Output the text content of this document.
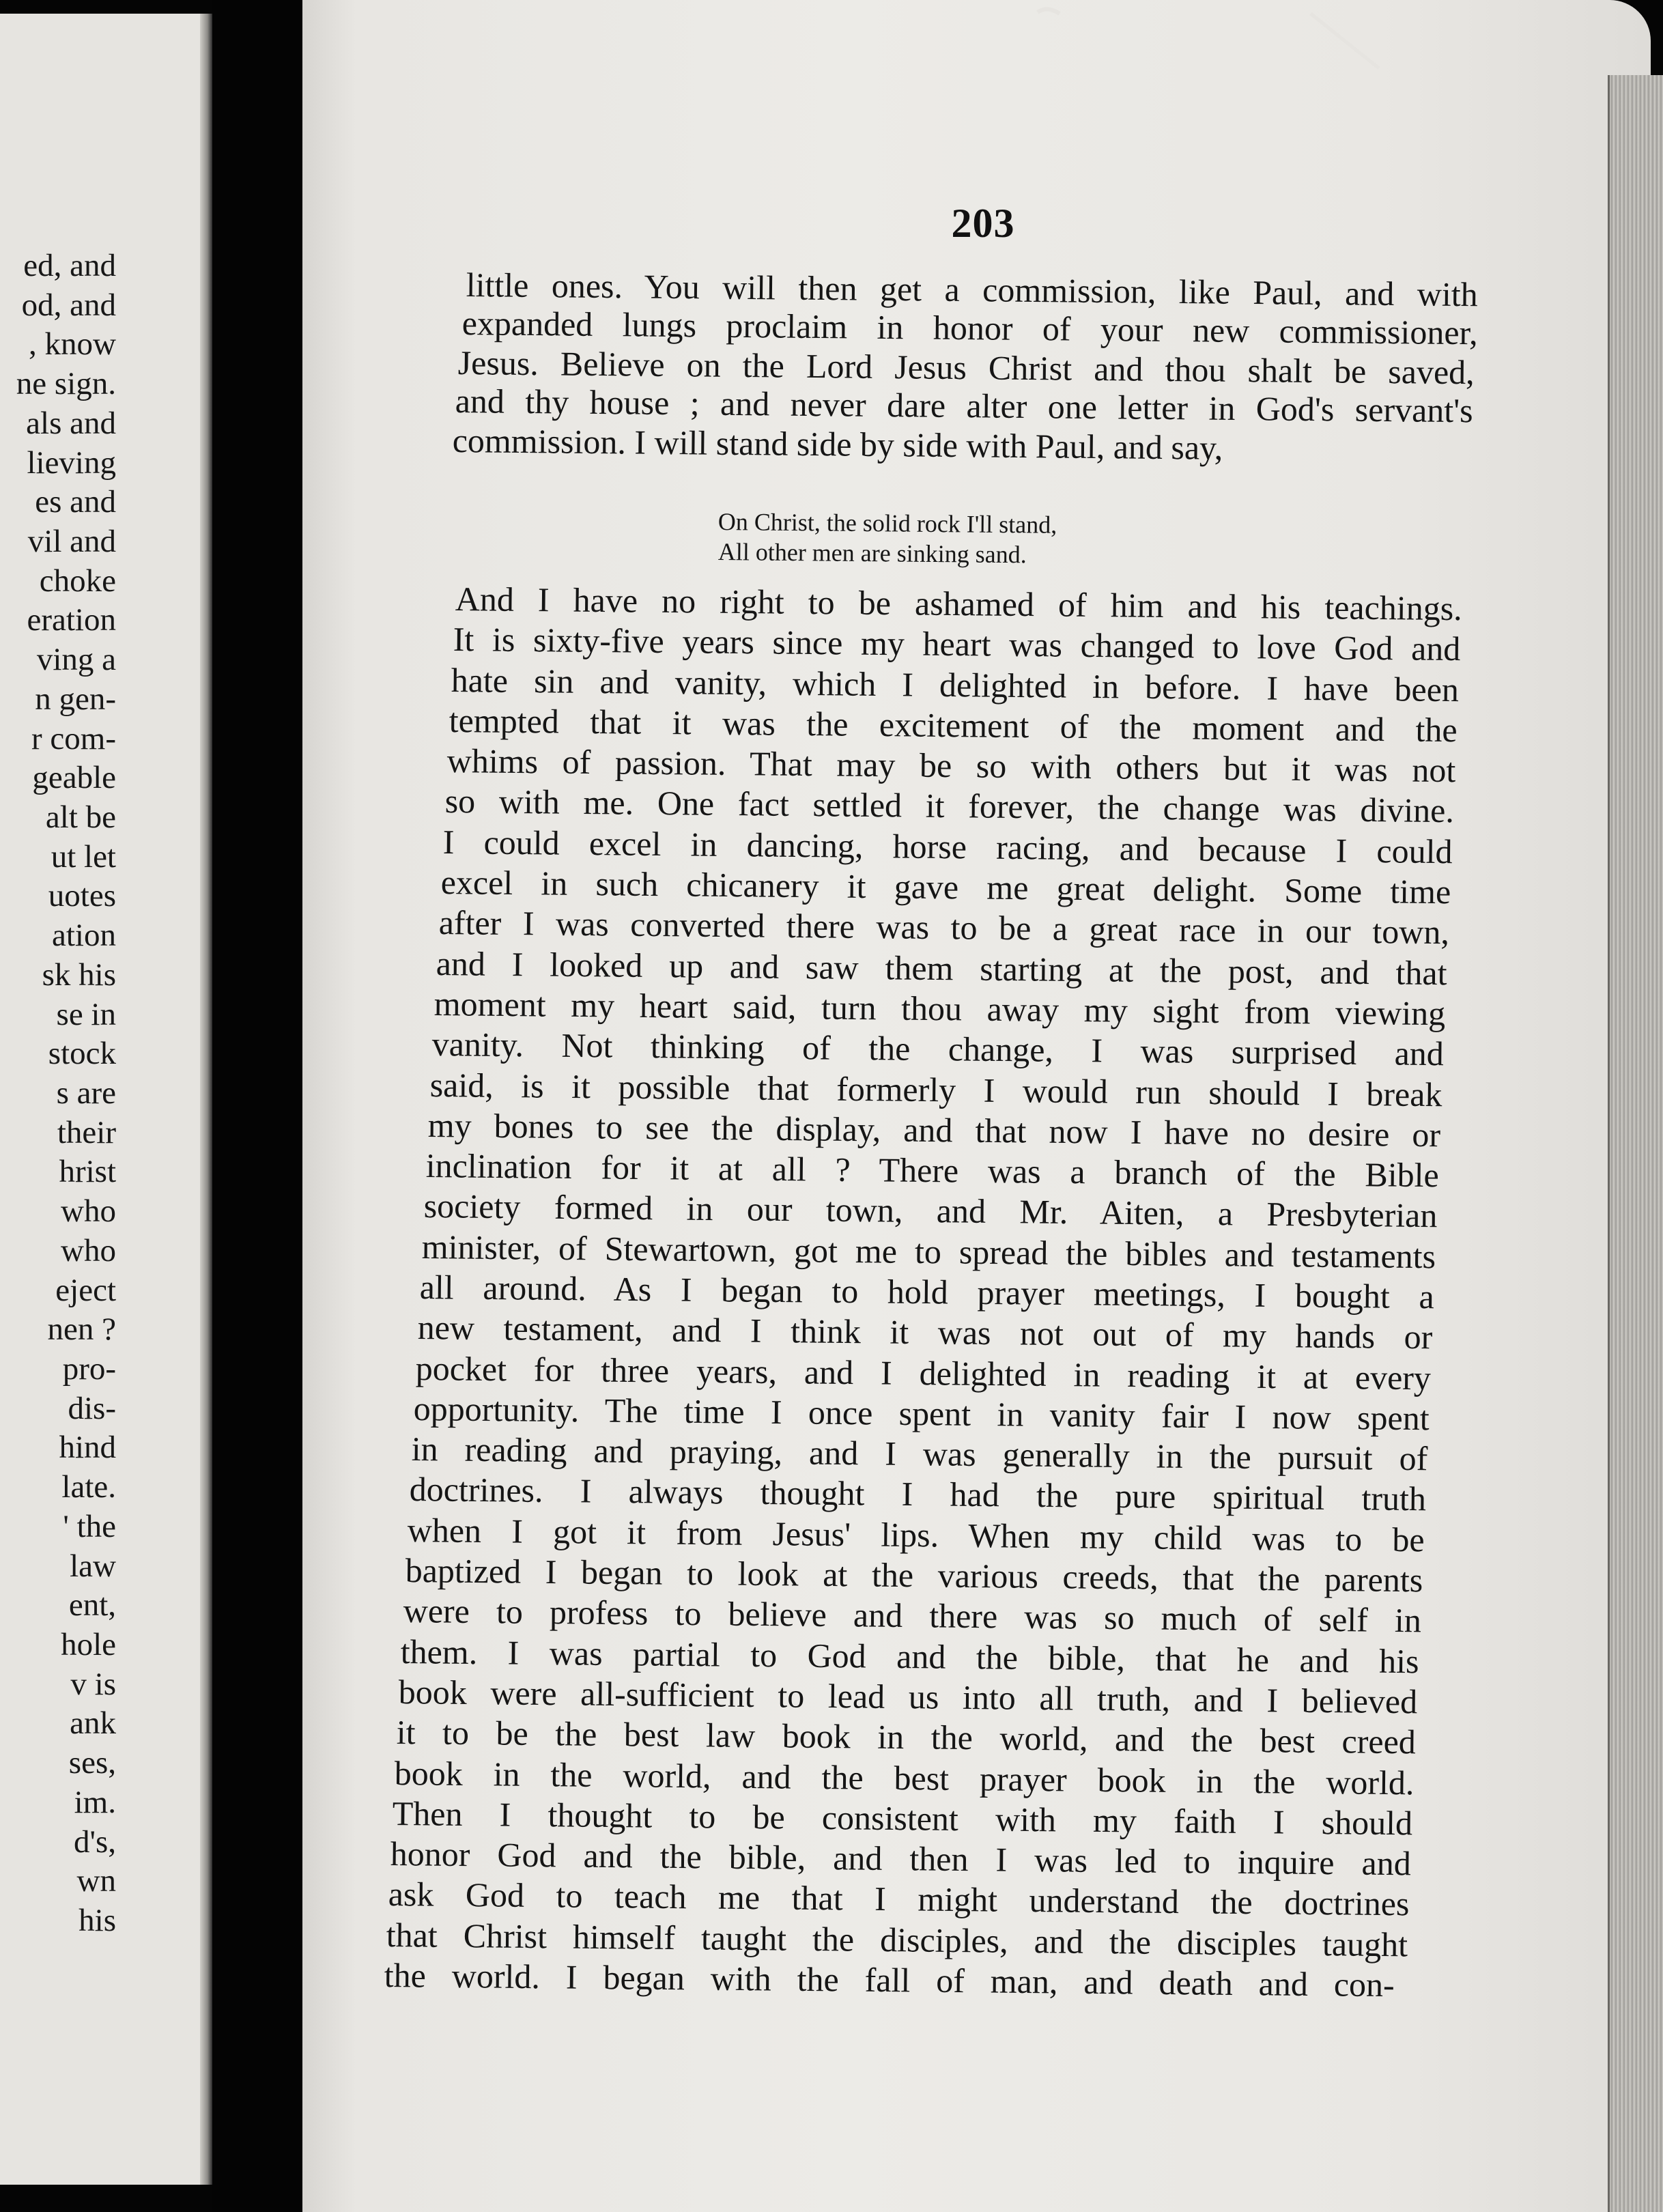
203
little ones. You will then get a commission, like Paul, and with
expanded lungs proclaim in honor of your new commissioner,
Jesus. Believe on the Lord Jesus Christ and thou shalt be saved,
and thy house ; and never dare alter one letter in God's servant's
commission. I will stand side by side with Paul, and say,
On Christ, the solid rock I'll stand,
All other men are sinking sand.
And I have no right to be ashamed of him and his teachings.
It is sixty-five years since my heart was changed to love God and
hate sin and vanity, which I delighted in before. I have been
tempted that it was the excitement of the moment and the
whims of passion. That may be so with others but it was not
so with me. One fact settled it forever, the change was divine.
I could excel in dancing, horse racing, and because I could
excel in such chicanery it gave me great delight. Some time
after I was converted there was to be a great race in our town,
and I looked up and saw them starting at the post, and that
moment my heart said, turn thou away my sight from viewing
vanity. Not thinking of the change, I was surprised and
said, is it possible that formerly I would run should I break
my bones to see the display, and that now I have no desire or
inclination for it at all ? There was a branch of the Bible
society formed in our town, and Mr. Aiten, a Presbyterian
minister, of Stewartown, got me to spread the bibles and testaments
all around. As I began to hold prayer meetings, I bought a
new testament, and I think it was not out of my hands or
pocket for three years, and I delighted in reading it at every
opportunity. The time I once spent in vanity fair I now spent
in reading and praying, and I was generally in the pursuit of
doctrines. I always thought I had the pure spiritual truth
when I got it from Jesus' lips. When my child was to be
baptized I began to look at the various creeds, that the parents
were to profess to believe and there was so much of self in
them. I was partial to God and the bible, that he and his
book were all-sufficient to lead us into all truth, and I believed
it to be the best law book in the world, and the best creed
book in the world, and the best prayer book in the world.
Then I thought to be consistent with my faith I should
honor God and the bible, and then I was led to inquire and
ask God to teach me that I might understand the doctrines
that Christ himself taught the disciples, and the disciples taught
the world. I began with the fall of man, and death and con-
ed, and
od, and
, know
ne sign.
als and
lieving
es and
vil and
choke
eration
ving a
n gen-
r com-
geable
alt be
ut let
uotes
ation
sk his
se in
stock
s are
their
hrist
who
who
eject
nen ?
pro-
dis-
hind
late.
' the
law
ent,
hole
v is
ank
ses,
im.
d's,
wn
his
